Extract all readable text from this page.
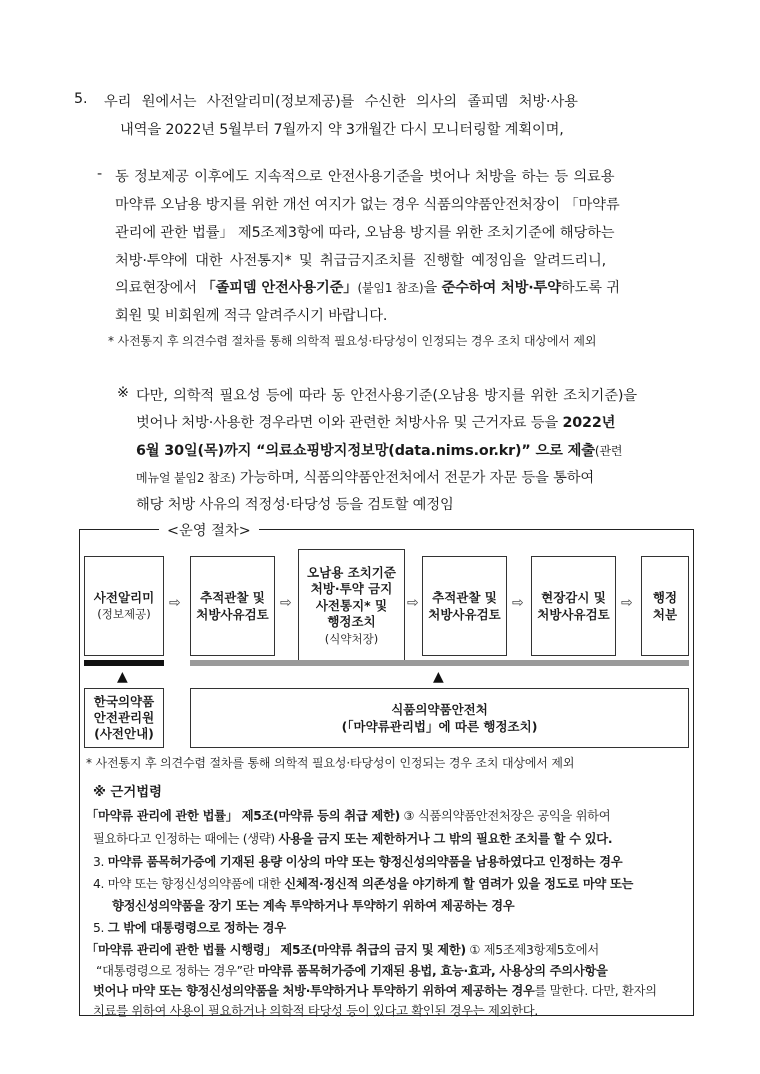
5. 우리 원에서는 사전알리미(정보제공)를 수신한 의사의 졸피뎀 처방·사용
내역을 2022년 5월부터 7월까지 약 3개월간 다시 모니터링할 계획이며,
- 동 정보제공 이후에도 지속적으로 안전사용기준을 벗어나 처방을 하는 등 의료용
마약류 오남용 방지를 위한 개선 여지가 없는 경우 식품의약품안전처장이 「마약류
관리에 관한 법률」 제5조제3항에 따라, 오남용 방지를 위한 조치기준에 해당하는
처방·투약에 대한 사전통지* 및 취급금지조치를 진행할 예정임을 알려드리니,
의료현장에서 「졸피뎀 안전사용기준」(붙임1 참조)을 준수하여 처방·투약하도록 귀
회원 및 비회원께 적극 알려주시기 바랍니다.
* 사전통지 후 의견수렴 절차를 통해 의학적 필요성·타당성이 인정되는 경우 조치 대상에서 제외
※ 다만, 의학적 필요성 등에 따라 동 안전사용기준(오남용 방지를 위한 조치기준)을
벗어나 처방·사용한 경우라면 이와 관련한 처방사유 및 근거자료 등을 2022년
6월 30일(목)까지 “의료쇼핑방지정보망(data.nims.or.kr)” 으로 제출(관련
메뉴얼 붙임2 참조) 가능하며, 식품의약품안전처에서 전문가 자문 등을 통하여
해당 처방 사유의 적정성·타당성 등을 검토할 예정임
<운영 절차>
사전알리미
(정보제공)
⇨ 추적관찰 및
처방사유검토
⇨
오남용 조치기준
처방·투약 금지
사전통지* 및
행정조치
(식약처장)
⇨ 추적관찰 및
처방사유검토
⇨ 현장감시 및
처방사유검토
⇨ 행정
처분
▲	▲
한국의약품
안전관리원
(사전안내)
식품의약품안전처
(「마약류관리법」에 따른 행정조치)
* 사전통지 후 의견수렴 절차를 통해 의학적 필요성·타당성이 인정되는 경우 조치 대상에서 제외
※ 근거법령
「마약류 관리에 관한 법률」 제5조(마약류 등의 취급 제한) ③ 식품의약품안전처장은 공익을 위하여
필요하다고 인정하는 때에는 (생략) 사용을 금지 또는 제한하거나 그 밖의 필요한 조치를 할 수 있다.
3. 마약류 품목허가증에 기재된 용량 이상의 마약 또는 향정신성의약품을 남용하였다고 인정하는 경우
4. 마약 또는 향정신성의약품에 대한 신체적·정신적 의존성을 야기하게 할 염려가 있을 정도로 마약 또는
향정신성의약품을 장기 또는 계속 투약하거나 투약하기 위하여 제공하는 경우
5. 그 밖에 대통령령으로 정하는 경우
「마약류 관리에 관한 법률 시행령」 제5조(마약류 취급의 금지 및 제한) ① 제5조제3항제5호에서
“대통령령으로 정하는 경우”란 마약류 품목허가증에 기재된 용법, 효능·효과, 사용상의 주의사항을
벗어나 마약 또는 향정신성의약품을 처방·투약하거나 투약하기 위하여 제공하는 경우를 말한다. 다만, 환자의
치료를 위하여 사용이 필요하거나 의학적 타당성 등이 있다고 확인된 경우는 제외한다.
